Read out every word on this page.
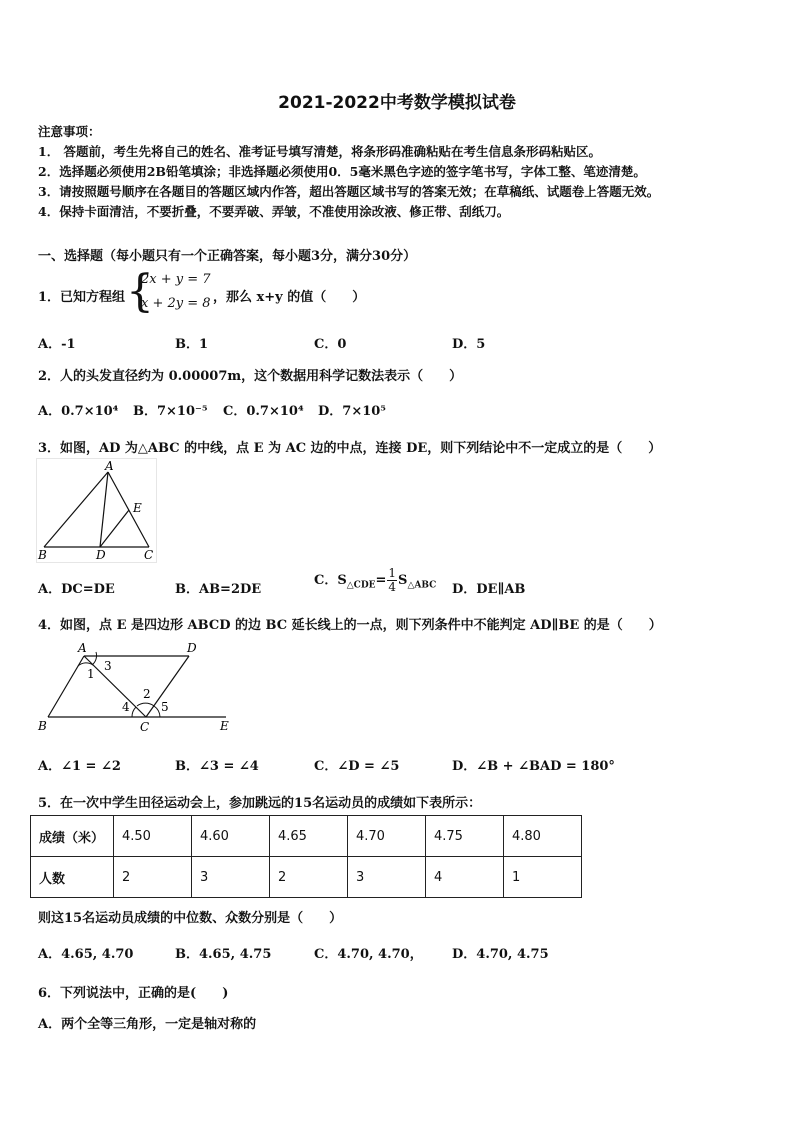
2021-2022中考数学模拟试卷
注意事项：
1． 答题前，考生先将自己的姓名、准考证号填写清楚，将条形码准确粘贴在考生信息条形码粘贴区。
2．选择题必须使用2B铅笔填涂；非选择题必须使用0．5毫米黑色字迹的签字笔书写，字体工整、笔迹清楚。
3．请按照题号顺序在各题目的答题区域内作答，超出答题区域书写的答案无效；在草稿纸、试题卷上答题无效。
4．保持卡面清洁，不要折叠，不要弄破、弄皱，不准使用涂改液、修正带、刮纸刀。
一、选择题（每小题只有一个正确答案，每小题3分，满分30分）
1．已知方程组 {
2x + y = 7
x + 2y = 8 ，那么 x+y 的值（　　）
A．-1	B．1	C．0	D．5
2．人的头发直径约为 0.00007m，这个数据用科学记数法表示（　　）
A．0.7×10⁴ B．7×10⁻⁵ C．0.7×10⁴ D．7×10⁵
3．如图，AD 为△ABC 的中线，点 E 为 AC 边的中点，连接 DE，则下列结论中不一定成立的是（　　）
A
B	D	C
E
A．DC=DE	B．AB=2DE
C．$S_{\triangle CDE}= \frac{1}{4} S_{\triangle ABC}$ D．DE∥AB
4．如图，点 E 是四边形 ABCD 的边 BC 延长线上的一点，则下列条件中不能判定 AD∥BE 的是（　　）
A	D
B	C	E
1
2
3
4	5
A．∠1 = ∠2	B．∠3 = ∠4	C．∠D = ∠5	D．∠B + ∠BAD = 180°
5．在一次中学生田径运动会上，参加跳远的15名运动员的成绩如下表所示：
成绩（米）	4.50	4.60	4.65	4.70	4.75	4.80
人数	2	3	2	3	4	1
则这15名运动员成绩的中位数、众数分别是（　　）
A．4.65, 4.70	B．4.65, 4.75	C．4.70, 4.70， D．4.70, 4.75
6．下列说法中，正确的是(　　)
A．两个全等三角形，一定是轴对称的
